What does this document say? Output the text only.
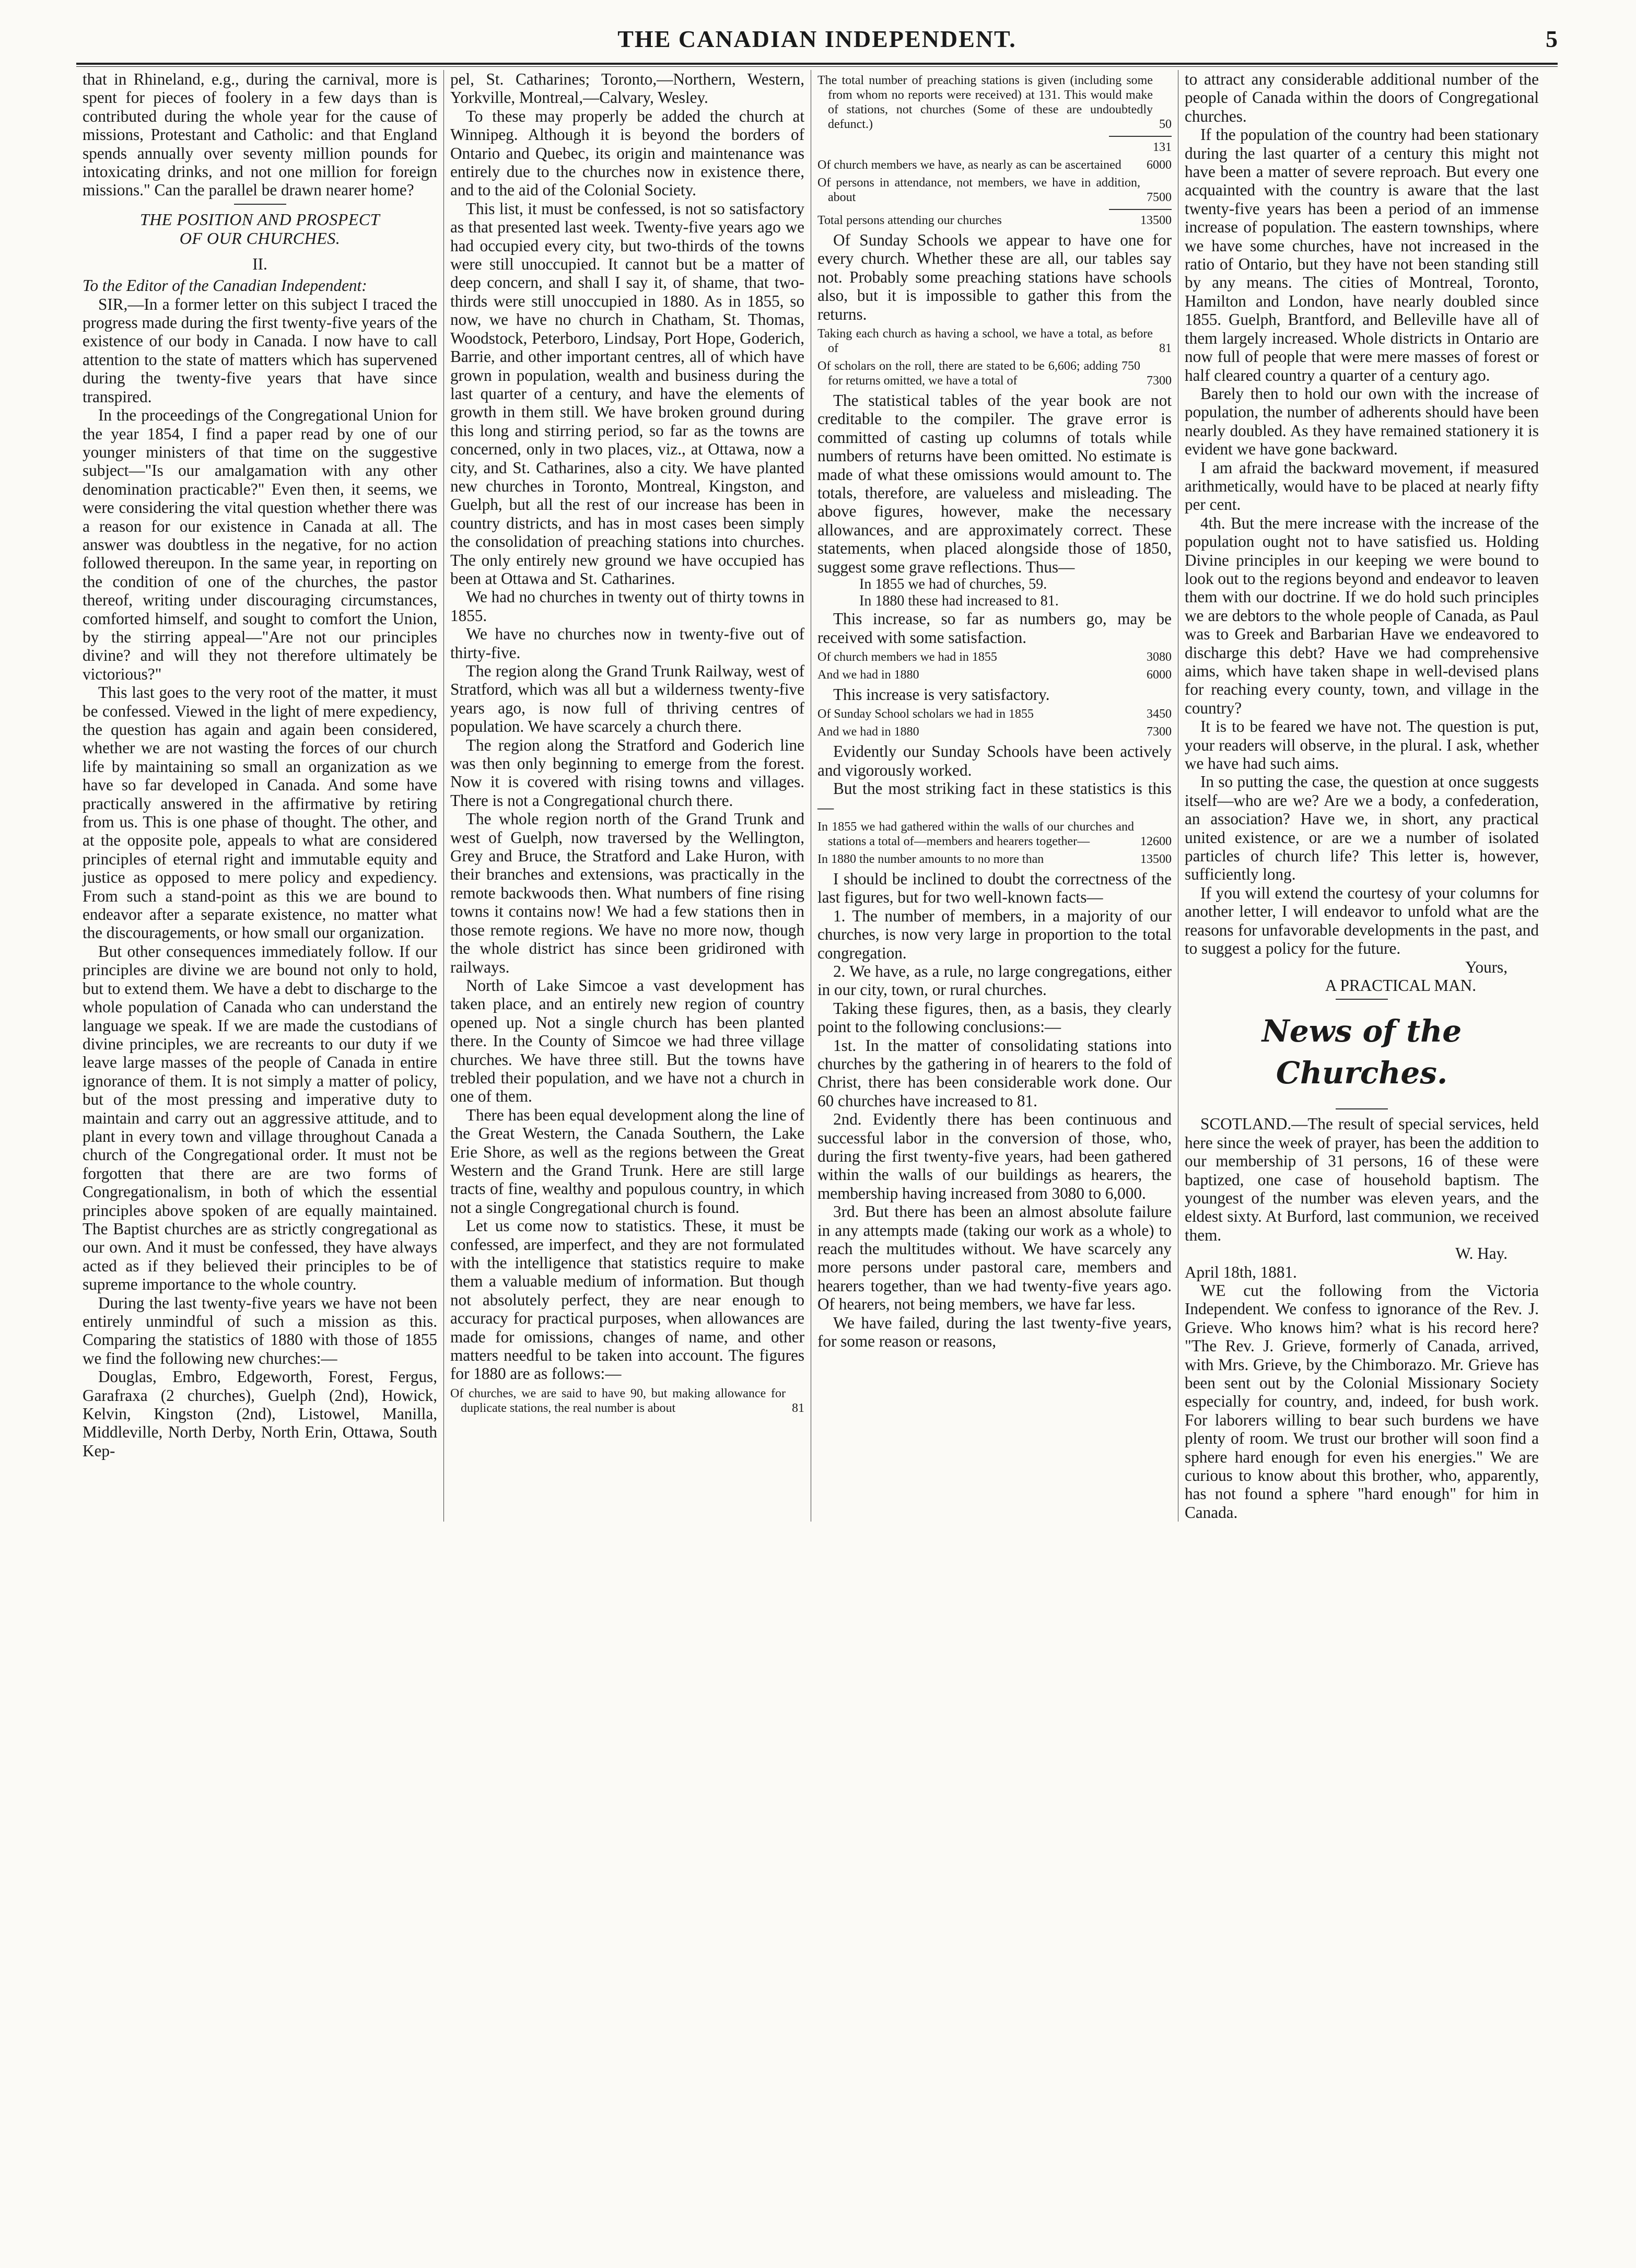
THE CANADIAN INDEPENDENT.	5

that in Rhineland, e.g., during the carnival, more is spent for pieces of foolery in a few days than is contributed during the whole year for the cause of missions, Protestant and Catholic: and that England spends annually over seventy million pounds for intoxicating drinks, and not one million for foreign missions." Can the parallel be drawn nearer home?

THE POSITION AND PROSPECT
OF OUR CHURCHES.
II.

To the Editor of the Canadian Independent:

SIR,—In a former letter on this subject I traced the progress made during the first twenty-five years of the existence of our body in Canada. I now have to call attention to the state of matters which has supervened during the twenty-five years that have since transpired.

In the proceedings of the Congregational Union for the year 1854, I find a paper read by one of our younger ministers of that time on the suggestive subject—"Is our amalgamation with any other denomination practicable?" Even then, it seems, we were considering the vital question whether there was a reason for our existence in Canada at all. The answer was doubtless in the negative, for no action followed thereupon. In the same year, in reporting on the condition of one of the churches, the pastor thereof, writing under discouraging circumstances, comforted himself, and sought to comfort the Union, by the stirring appeal—"Are not our principles divine? and will they not therefore ultimately be victorious?"

This last goes to the very root of the matter, it must be confessed. Viewed in the light of mere expediency, the question has again and again been considered, whether we are not wasting the forces of our church life by maintaining so small an organization as we have so far developed in Canada. And some have practically answered in the affirmative by retiring from us. This is one phase of thought. The other, and at the opposite pole, appeals to what are considered principles of eternal right and immutable equity and justice as opposed to mere policy and expediency. From such a stand-point as this we are bound to endeavor after a separate existence, no matter what the discouragements, or how small our organization.

But other consequences immediately follow. If our principles are divine we are bound not only to hold, but to extend them. We have a debt to discharge to the whole population of Canada who can understand the language we speak. If we are made the custodians of divine principles, we are recreants to our duty if we leave large masses of the people of Canada in entire ignorance of them. It is not simply a matter of policy, but of the most pressing and imperative duty to maintain and carry out an aggressive attitude, and to plant in every town and village throughout Canada a church of the Congregational order. It must not be forgotten that there are are two forms of Congregationalism, in both of which the essential principles above spoken of are equally maintained. The Baptist churches are as strictly congregational as our own. And it must be confessed, they have always acted as if they believed their principles to be of supreme importance to the whole country.

During the last twenty-five years we have not been entirely unmindful of such a mission as this. Comparing the statistics of 1880 with those of 1855 we find the following new churches:—

Douglas, Embro, Edgeworth, Forest, Fergus, Garafraxa (2 churches), Guelph (2nd), Howick, Kelvin, Kingston (2nd), Listowel, Manilla, Middleville, North Derby, North Erin, Ottawa, South Kep-

pel, St. Catharines; Toronto,—Northern, Western, Yorkville, Montreal,—Calvary, Wesley.

To these may properly be added the church at Winnipeg. Although it is beyond the borders of Ontario and Quebec, its origin and maintenance was entirely due to the churches now in existence there, and to the aid of the Colonial Society.

This list, it must be confessed, is not so satisfactory as that presented last week. Twenty-five years ago we had occupied every city, but two-thirds of the towns were still unoccupied. It cannot but be a matter of deep concern, and shall I say it, of shame, that two-thirds were still unoccupied in 1880. As in 1855, so now, we have no church in Chatham, St. Thomas, Woodstock, Peterboro, Lindsay, Port Hope, Goderich, Barrie, and other important centres, all of which have grown in population, wealth and business during the last quarter of a century, and have the elements of growth in them still. We have broken ground during this long and stirring period, so far as the towns are concerned, only in two places, viz., at Ottawa, now a city, and St. Catharines, also a city. We have planted new churches in Toronto, Montreal, Kingston, and Guelph, but all the rest of our increase has been in country districts, and has in most cases been simply the consolidation of preaching stations into churches. The only entirely new ground we have occupied has been at Ottawa and St. Catharines.

We had no churches in twenty out of thirty towns in 1855.

We have no churches now in twenty-five out of thirty-five.

The region along the Grand Trunk Railway, west of Stratford, which was all but a wilderness twenty-five years ago, is now full of thriving centres of population. We have scarcely a church there.

The region along the Stratford and Goderich line was then only beginning to emerge from the forest. Now it is covered with rising towns and villages. There is not a Congregational church there.

The whole region north of the Grand Trunk and west of Guelph, now traversed by the Wellington, Grey and Bruce, the Stratford and Lake Huron, with their branches and extensions, was practically in the remote backwoods then. What numbers of fine rising towns it contains now! We had a few stations then in those remote regions. We have no more now, though the whole district has since been gridironed with railways.

North of Lake Simcoe a vast development has taken place, and an entirely new region of country opened up. Not a single church has been planted there. In the County of Simcoe we had three village churches. We have three still. But the towns have trebled their population, and we have not a church in one of them.

There has been equal development along the line of the Great Western, the Canada Southern, the Lake Erie Shore, as well as the regions between the Great Western and the Grand Trunk. Here are still large tracts of fine, wealthy and populous country, in which not a single Congregational church is found.

Let us come now to statistics. These, it must be confessed, are imperfect, and they are not formulated with the intelligence that statistics require to make them a valuable medium of information. But though not absolutely perfect, they are near enough to accuracy for practical purposes, when allowances are made for omissions, changes of name, and other matters needful to be taken into account. The figures for 1880 are as follows:—

Of churches, we are said to have 90, but making allowance for duplicate stations, the real number is about	81
The total number of preaching stations is given (including some from whom no reports were received) at 131. This would make of stations, not churches (Some of these are undoubtedly defunct.)	50
131
Of church members we have, as nearly as can be ascertained	6000
Of persons in attendance, not members, we have in addition, about	7500
Total persons attending our churches	13500

Of Sunday Schools we appear to have one for every church. Whether these are all, our tables say not. Probably some preaching stations have schools also, but it is impossible to gather this from the returns.

Taking each church as having a school, we have a total, as before of	81
Of scholars on the roll, there are stated to be 6,606; adding 750 for returns omitted, we have a total of	7300

The statistical tables of the year book are not creditable to the compiler. The grave error is committed of casting up columns of totals while numbers of returns have been omitted. No estimate is made of what these omissions would amount to. The totals, therefore, are valueless and misleading. The above figures, however, make the necessary allowances, and are approximately correct. These statements, when placed alongside those of 1850, suggest some grave reflections. Thus—

In 1855 we had of churches, 59.

In 1880 these had increased to 81.

This increase, so far as numbers go, may be received with some satisfaction.

Of church members we had in 1855	3080
And we had in 1880	6000

This increase is very satisfactory.

Of Sunday School scholars we had in 1855	3450
And we had in 1880	7300

Evidently our Sunday Schools have been actively and vigorously worked.

But the most striking fact in these statistics is this—

In 1855 we had gathered within the walls of our churches and stations a total of—members and hearers together—	12600
In 1880 the number amounts to no more than	13500

I should be inclined to doubt the correctness of the last figures, but for two well-known facts—

1. The number of members, in a majority of our churches, is now very large in proportion to the total congregation.

2. We have, as a rule, no large congregations, either in our city, town, or rural churches.

Taking these figures, then, as a basis, they clearly point to the following conclusions:—

1st. In the matter of consolidating stations into churches by the gathering in of hearers to the fold of Christ, there has been considerable work done. Our 60 churches have increased to 81.

2nd. Evidently there has been continuous and successful labor in the conversion of those, who, during the first twenty-five years, had been gathered within the walls of our buildings as hearers, the membership having increased from 3080 to 6,000.

3rd. But there has been an almost absolute failure in any attempts made (taking our work as a whole) to reach the multitudes without. We have scarcely any more persons under pastoral care, members and hearers together, than we had twenty-five years ago. Of hearers, not being members, we have far less.

We have failed, during the last twenty-five years, for some reason or reasons,

to attract any considerable additional number of the people of Canada within the doors of Congregational churches.

If the population of the country had been stationary during the last quarter of a century this might not have been a matter of severe reproach. But every one acquainted with the country is aware that the last twenty-five years has been a period of an immense increase of population. The eastern townships, where we have some churches, have not increased in the ratio of Ontario, but they have not been standing still by any means. The cities of Montreal, Toronto, Hamilton and London, have nearly doubled since 1855. Guelph, Brantford, and Belleville have all of them largely increased. Whole districts in Ontario are now full of people that were mere masses of forest or half cleared country a quarter of a century ago.

Barely then to hold our own with the increase of population, the number of adherents should have been nearly doubled. As they have remained stationery it is evident we have gone backward.

I am afraid the backward movement, if measured arithmetically, would have to be placed at nearly fifty per cent.

4th. But the mere increase with the increase of the population ought not to have satisfied us. Holding Divine principles in our keeping we were bound to look out to the regions beyond and endeavor to leaven them with our doctrine. If we do hold such principles we are debtors to the whole people of Canada, as Paul was to Greek and Barbarian Have we endeavored to discharge this debt? Have we had comprehensive aims, which have taken shape in well-devised plans for reaching every county, town, and village in the country?

It is to be feared we have not. The question is put, your readers will observe, in the plural. I ask, whether we have had such aims.

In so putting the case, the question at once suggests itself—who are we? Are we a body, a confederation, an association? Have we, in short, any practical united existence, or are we a number of isolated particles of church life? This letter is, however, sufficiently long.

If you will extend the courtesy of your columns for another letter, I will endeavor to unfold what are the reasons for unfavorable developments in the past, and to suggest a policy for the future.

Yours,

A PRACTICAL MAN.

News of the Churches.

SCOTLAND.—The result of special services, held here since the week of prayer, has been the addition to our membership of 31 persons, 16 of these were baptized, one case of household baptism. The youngest of the number was eleven years, and the eldest sixty. At Burford, last communion, we received them.

W. Hay.

April 18th, 1881.

WE cut the following from the Victoria Independent. We confess to ignorance of the Rev. J. Grieve. Who knows him? what is his record here? "The Rev. J. Grieve, formerly of Canada, arrived, with Mrs. Grieve, by the Chimborazo. Mr. Grieve has been sent out by the Colonial Missionary Society especially for country, and, indeed, for bush work. For laborers willing to bear such burdens we have plenty of room. We trust our brother will soon find a sphere hard enough for even his energies." We are curious to know about this brother, who, apparently, has not found a sphere "hard enough" for him in Canada.
